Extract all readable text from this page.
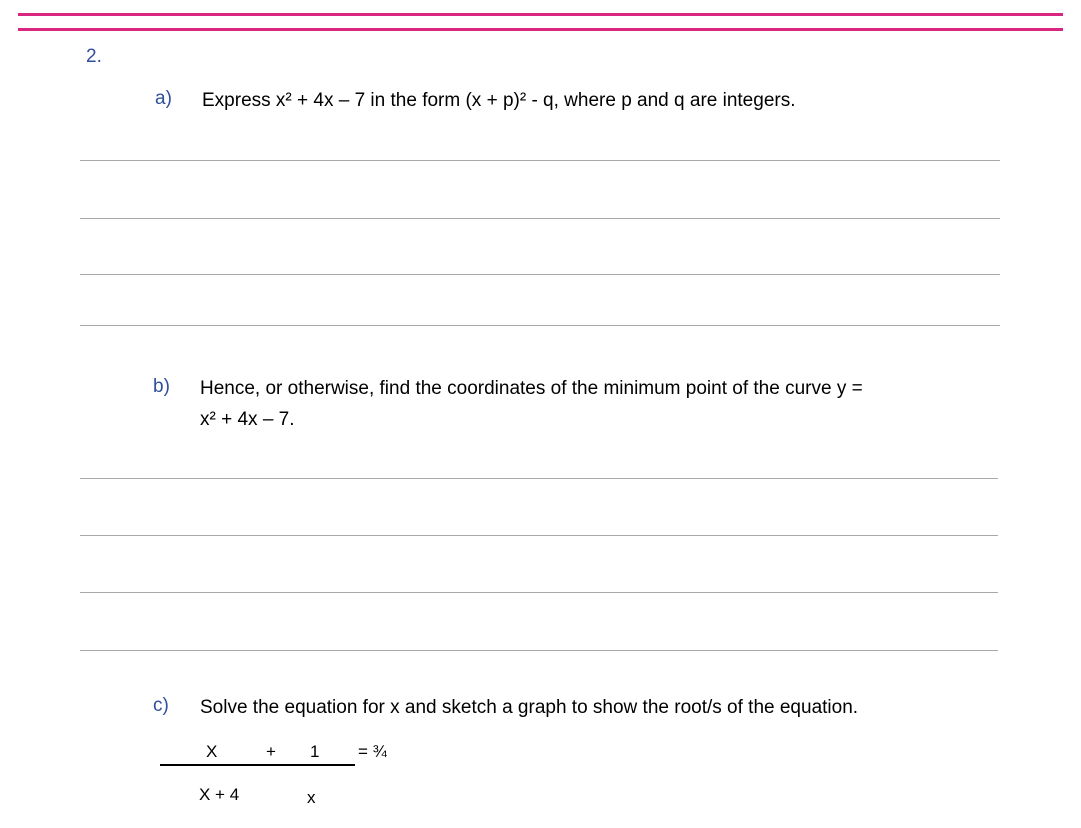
2.
a) Express x² + 4x – 7 in the form (x + p)² - q, where p and q are integers.
b) Hence, or otherwise, find the coordinates of the minimum point of the curve y =
x² + 4x – 7.
c) Solve the equation for x and sketch a graph to show the root/s of the equation.
X	+ 1 = ¾
X + 4	x
